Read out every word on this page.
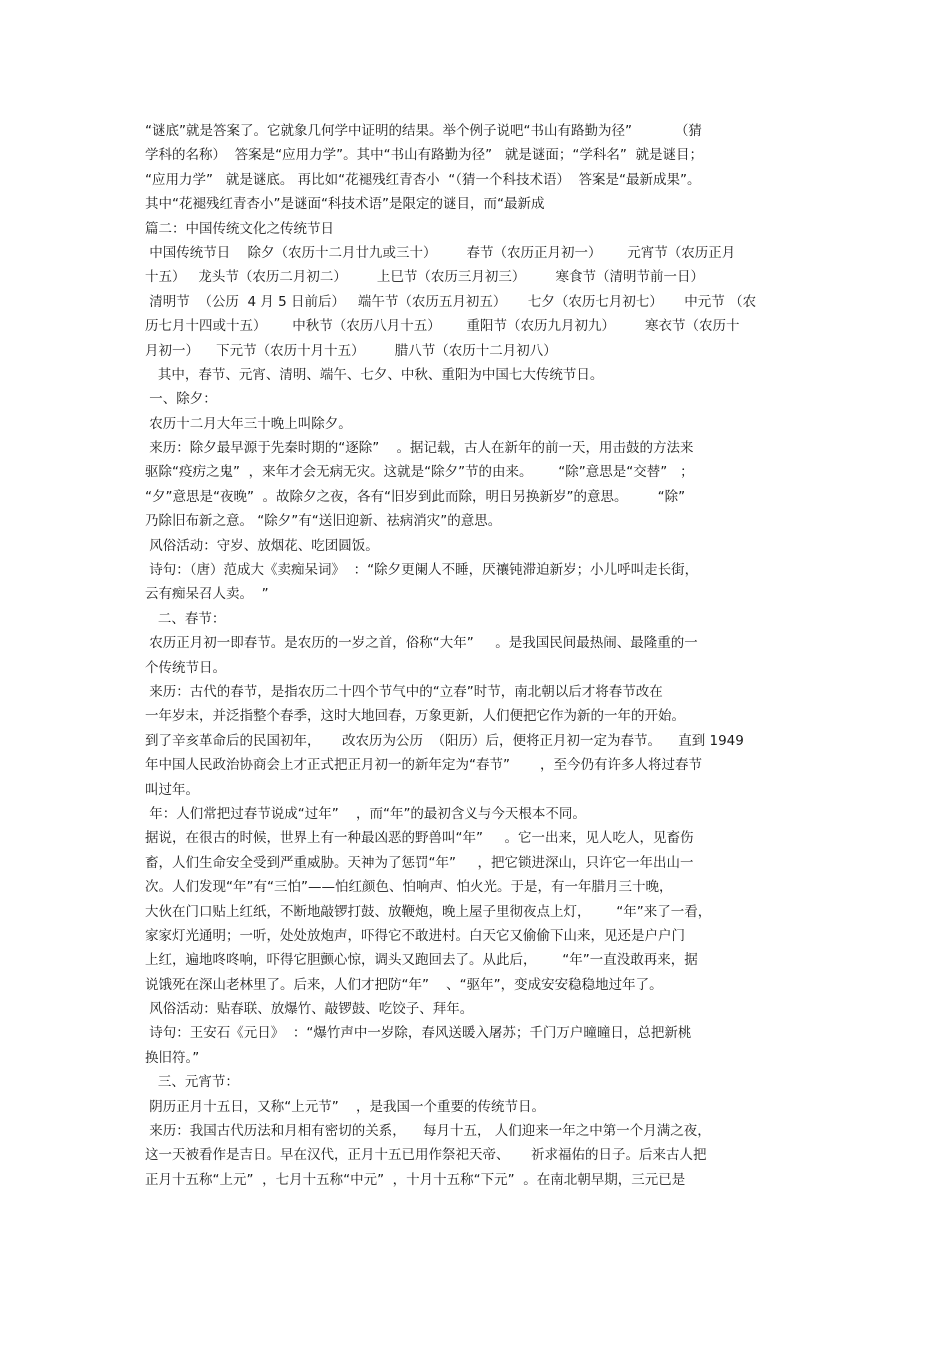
“谜底”就是答案了。它就象几何学中证明的结果。举个例子说吧“书山有路勤为径”          （猜
学科的名称）  答案是“应用力学”。其中“书山有路勤为径”   就是谜面；“学科名”  就是谜目；
“应用力学”   就是谜底。 再比如“花褪残红青杏小  “（猜一个科技术语）  答案是“最新成果”。
其中“花褪残红青杏小”是谜面“科技术语”是限定的谜目，而“最新成
篇二：中国传统文化之传统节日
中国传统节日    除夕（农历十二月廿九或三十）       春节（农历正月初一）      元宵节（农历正月
十五）   龙头节（农历二月初二）       上巳节（农历三月初三）       寒食节（清明节前一日）
清明节  （公历  4 月 5 日前后）   端午节（农历五月初五）     七夕（农历七月初七）     中元节 （农
历七月十四或十五）      中秋节（农历八月十五）      重阳节（农历九月初九）       寒衣节（农历十
月初一）    下元节（农历十月十五）       腊八节（农历十二月初八）
其中，春节、元宵、清明、端午、七夕、中秋、重阳为中国七大传统节日。
一、除夕：
农历十二月大年三十晚上叫除夕。
来历：除夕最早源于先秦时期的“逐除”    。据记载，古人在新年的前一天，用击鼓的方法来
驱除“疫疠之鬼”  ，来年才会无病无灾。这就是“除夕”节的由来。      “除”意思是“交替”   ；
“夕”意思是“夜晚”  。故除夕之夜，各有“旧岁到此而除，明日另换新岁”的意思。       “除”
乃除旧布新之意。 “除夕”有“送旧迎新、祛病消灾”的意思。
风俗活动：守岁、放烟花、吃团圆饭。
诗句：（唐）范成大《卖痴呆词》  ：“除夕更阑人不睡，厌禳钝滞迫新岁；小儿呼叫走长街，
云有痴呆召人卖。  ”
二、春节：
农历正月初一即春节。是农历的一岁之首，俗称“大年”     。是我国民间最热闹、最隆重的一
个传统节日。
来历：古代的春节，是指农历二十四个节气中的“立春”时节，南北朝以后才将春节改在
一年岁末，并泛指整个春季，这时大地回春，万象更新，人们便把它作为新的一年的开始。
到了辛亥革命后的民国初年，     改农历为公历  （阳历）后，便将正月初一定为春节。    直到 1949
年中国人民政治协商会上才正式把正月初一的新年定为“春节”       ，至今仍有许多人将过春节
叫过年。
年：人们常把过春节说成“过年”    ，而“年”的最初含义与今天根本不同。
据说，在很古的时候，世界上有一种最凶恶的野兽叫“年”     。它一出来，见人吃人，见畜伤
畜，人们生命安全受到严重威胁。天神为了惩罚“年”     ，把它锁进深山，只许它一年出山一
次。人们发现“年”有“三怕”——怕红颜色、怕响声、怕火光。于是，有一年腊月三十晚，
大伙在门口贴上红纸，不断地敲锣打鼓、放鞭炮，晚上屋子里彻夜点上灯，      “年”来了一看，
家家灯光通明；一听，处处放炮声，吓得它不敢进村。白天它又偷偷下山来，见还是户户门
上红，遍地咚咚响，吓得它胆颤心惊，调头又跑回去了。从此后，      “年”一直没敢再来，据
说饿死在深山老林里了。后来，人们才把防“年”    、“驱年”，变成安安稳稳地过年了。
风俗活动：贴春联、放爆竹、敲锣鼓、吃饺子、拜年。
诗句：王安石《元日》  ：“爆竹声中一岁除，春风送暖入屠苏；千门万户曈曈日，总把新桃
换旧符。”
三、元宵节：
阴历正月十五日，又称“上元节”    ，是我国一个重要的传统节日。
来历：我国古代历法和月相有密切的关系，    每月十五， 人们迎来一年之中第一个月满之夜，
这一天被看作是吉日。早在汉代，正月十五已用作祭祀天帝、     祈求福佑的日子。后来古人把
正月十五称“上元”  ，七月十五称“中元”  ，十月十五称“下元”  。在南北朝早期，三元已是
